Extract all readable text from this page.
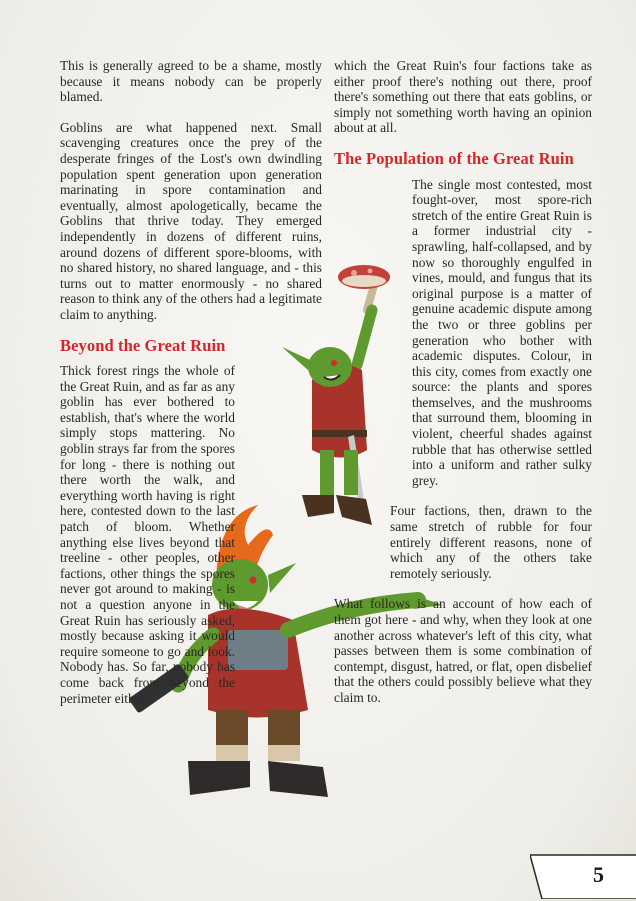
This is generally agreed to be a shame, mostly because it means nobody can be properly blamed.

Goblins are what happened next. Small scavenging creatures once the prey of the desperate fringes of the Lost's own dwindling population spent generation upon generation marinating in spore contamination and eventually, almost apologetically, became the Goblins that thrive today. They emerged independently in dozens of different ruins, around dozens of different spore-blooms, with no shared history, no shared language, and - this turns out to matter enormously - no shared reason to think any of the others had a legitimate claim to anything.

Beyond the Great Ruin

Thick forest rings the whole of the Great Ruin, and as far as any goblin has ever bothered to establish, that's where the world simply stops mattering. No goblin strays far from the spores for long - there is nothing out there worth the walk, and everything worth having is right here, contested down to the last patch of bloom. Whether anything else lives beyond that treeline - other peoples, other factions, other things the spores never got around to making - is not a question anyone in the Great Ruin has seriously asked, mostly because asking it would require someone to go and look. Nobody has. So far, nobody has come back from beyond the perimeter either,

which the Great Ruin's four factions take as either proof there's nothing out there, proof there's something out there that eats goblins, or simply not something worth having an opinion about at all.

The Population of the Great Ruin

The single most contested, most fought-over, most spore-rich stretch of the entire Great Ruin is a former industrial city - sprawling, half-collapsed, and by now so thoroughly engulfed in vines, mould, and fungus that its original purpose is a matter of genuine academic dispute among the two or three goblins per generation who bother with academic disputes. Colour, in this city, comes from exactly one source: the plants and spores themselves, and the mushrooms that surround them, blooming in violent, cheerful shades against rubble that has otherwise settled into a uniform and rather sulky grey.

Four factions, then, drawn to the same stretch of rubble for four entirely different reasons, none of which any of the others take remotely seriously.

What follows is an account of how each of them got here - and why, when they look at one another across whatever's left of this city, what passes between them is some combination of contempt, disgust, hatred, or flat, open disbelief that the others could possibly believe what they claim to.

5
